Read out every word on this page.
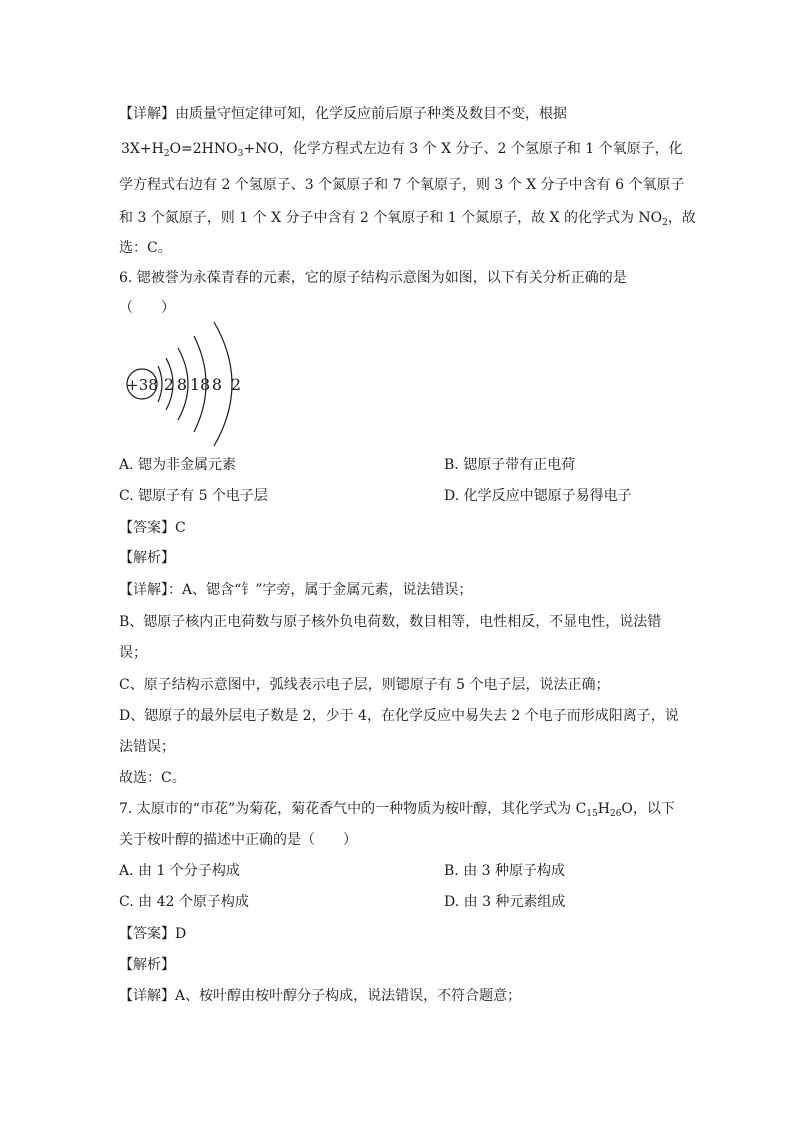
【详解】由质量守恒定律可知，化学反应前后原子种类及数目不变，根据
$3X+H_2O=2HNO_3+NO$，化学方程式左边有 3 个 X 分子、2 个氢原子和 1 个氧原子，化
学方程式右边有 2 个氢原子、3 个氮原子和 7 个氧原子，则 3 个 X 分子中含有 6 个氧原子
和 3 个氮原子，则 1 个 X 分子中含有 2 个氧原子和 1 个氮原子，故 X 的化学式为 $NO_2$，故
选：C。
6. 锶被誉为永葆青春的元素，它的原子结构示意图为如图，以下有关分析正确的是
（　　）
+38 2 8 18 8 2
A. 锶为非金属元素	B. 锶原子带有正电荷
C. 锶原子有 5 个电子层	D. 化学反应中锶原子易得电子
【答案】C
【解析】
【详解】：A、锶含“钅”字旁，属于金属元素，说法错误；
B、锶原子核内正电荷数与原子核外负电荷数，数目相等，电性相反，不显电性，说法错
误；
C、原子结构示意图中，弧线表示电子层，则锶原子有 5 个电子层，说法正确；
D、锶原子的最外层电子数是 2，少于 4，在化学反应中易失去 2 个电子而形成阳离子，说
法错误；
故选：C。
7. 太原市的“市花”为菊花，菊花香气中的一种物质为桉叶醇，其化学式为 $C_{15}H_{26}O$，以下
关于桉叶醇的描述中正确的是（　　）
A. 由 1 个分子构成	B. 由 3 种原子构成
C. 由 42 个原子构成	D. 由 3 种元素组成
【答案】D
【解析】
【详解】A、桉叶醇由桉叶醇分子构成，说法错误，不符合题意；
